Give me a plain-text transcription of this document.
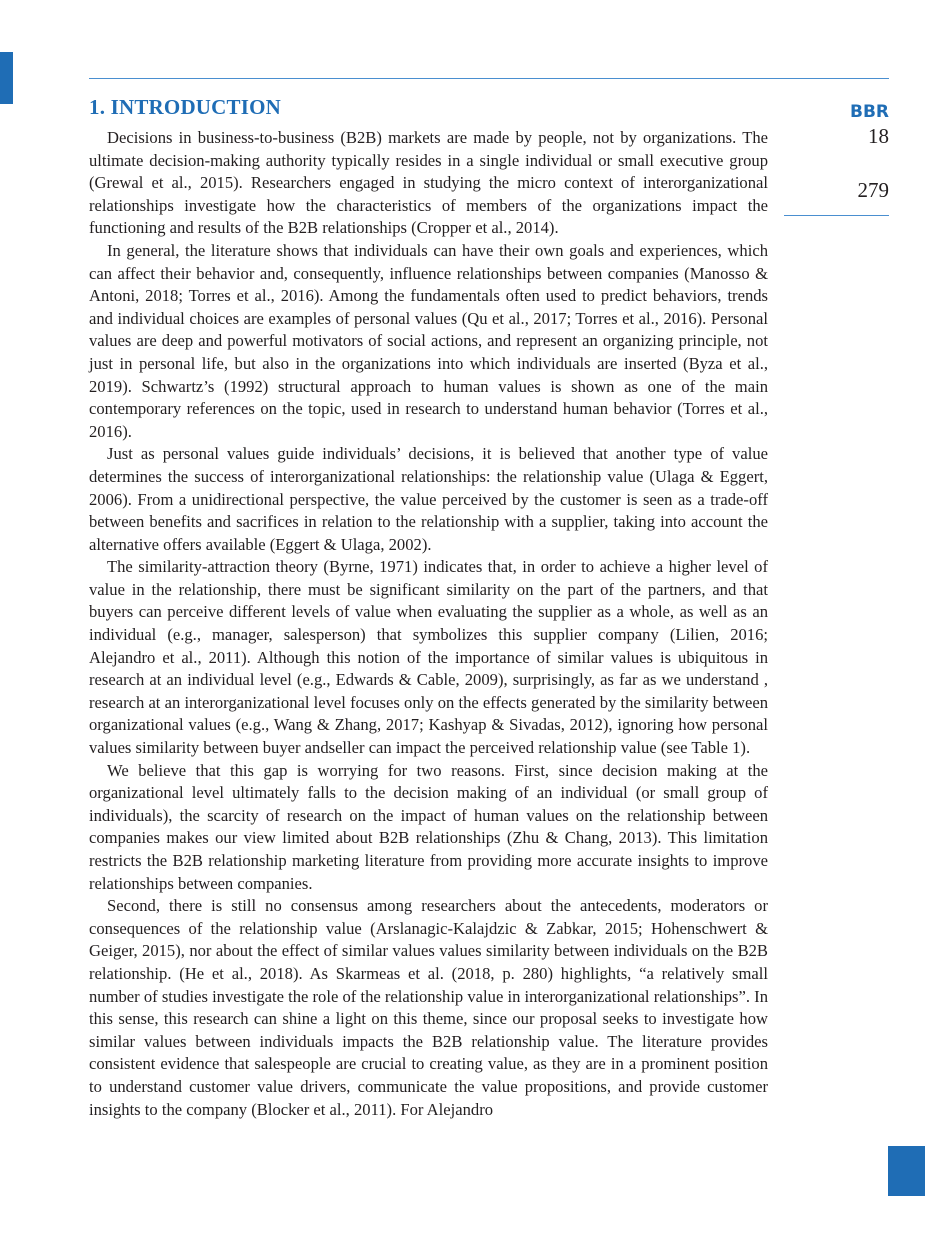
BBR
18
279
1. INTRODUCTION

Decisions in business-to-business (B2B) markets are made by people, not by organizations. The ultimate decision-making authority typically resides in a single individual or small executive group (Grewal et al., 2015). Researchers engaged in studying the micro context of interorganizational relationships investigate how the characteristics of members of the organizations impact the functioning and results of the B2B relationships (Cropper et al., 2014).

In general, the literature shows that individuals can have their own goals and experiences, which can affect their behavior and, consequently, influence relationships between companies (Manosso & Antoni, 2018; Torres et al., 2016). Among the fundamentals often used to predict behaviors, trends and individual choices are examples of personal values (Qu et al., 2017; Torres et al., 2016). Personal values are deep and powerful motivators of social actions, and represent an organizing principle, not just in personal life, but also in the organizations into which individuals are inserted (Byza et al., 2019). Schwartz’s (1992) structural approach to human values is shown as one of the main contemporary references on the topic, used in research to understand human behavior (Torres et al., 2016).

Just as personal values guide individuals’ decisions, it is believed that another type of value determines the success of interorganizational relationships: the relationship value (Ulaga & Eggert, 2006). From a unidirectional perspective, the value perceived by the customer is seen as a trade-off between benefits and sacrifices in relation to the relationship with a supplier, taking into account the alternative offers available (Eggert & Ulaga, 2002).

The similarity-attraction theory (Byrne, 1971) indicates that, in order to achieve a higher level of value in the relationship, there must be significant similarity on the part of the partners, and that buyers can perceive different levels of value when evaluating the supplier as a whole, as well as an individual (e.g., manager, salesperson) that symbolizes this supplier company (Lilien, 2016; Alejandro et al., 2011). Although this notion of the importance of similar values is ubiquitous in research at an individual level (e.g., Edwards & Cable, 2009), surprisingly, as far as we understand , research at an interorganizational level focuses only on the effects generated by the similarity between organizational values (e.g., Wang & Zhang, 2017; Kashyap & Sivadas, 2012), ignoring how personal values similarity between buyer andseller can impact the perceived relationship value (see Table 1).

We believe that this gap is worrying for two reasons. First, since decision making at the organizational level ultimately falls to the decision making of an individual (or small group of individuals), the scarcity of research on the impact of human values on the relationship between companies makes our view limited about B2B relationships (Zhu & Chang, 2013). This limitation restricts the B2B relationship marketing literature from providing more accurate insights to improve relationships between companies.

Second, there is still no consensus among researchers about the antecedents, moderators or consequences of the relationship value (Arslanagic-Kalajdzic & Zabkar, 2015; Hohenschwert & Geiger, 2015), nor about the effect of similar values values similarity between individuals on the B2B relationship. (He et al., 2018). As Skarmeas et al. (2018, p. 280) highlights, “a relatively small number of studies investigate the role of the relationship value in interorganizational relationships”. In this sense, this research can shine a light on this theme, since our proposal seeks to investigate how similar values between individuals impacts the B2B relationship value. The literature provides consistent evidence that salespeople are crucial to creating value, as they are in a prominent position to understand customer value drivers, communicate the value propositions, and provide customer insights to the company (Blocker et al., 2011). For Alejandro
